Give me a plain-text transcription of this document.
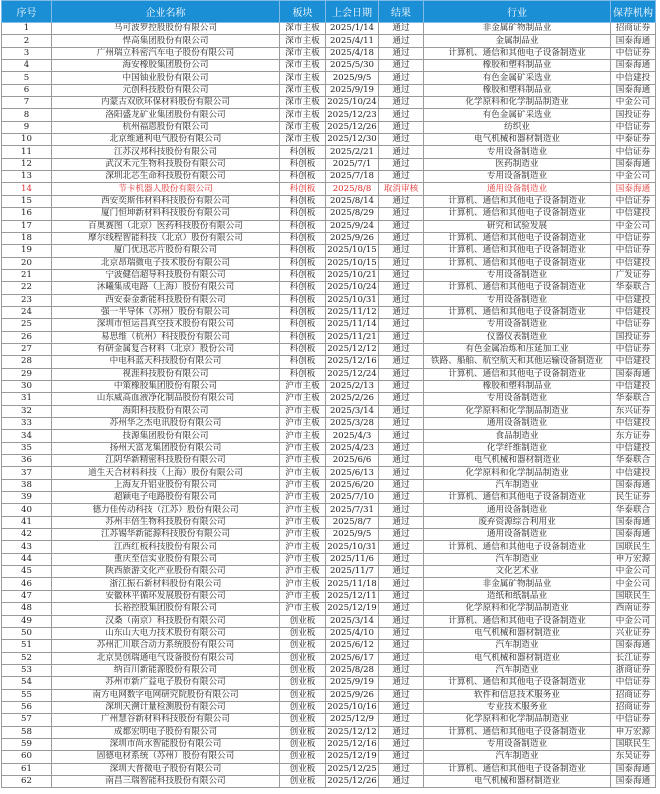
序号	企业名称	板块	上会日期	结果	行业	保荐机构
1	马可波罗控股股份有限公司	深市主板	2025/1/14	通过	非金属矿物制品业	招商证券
2	悍高集团股份有限公司	深市主板	2025/4/11	通过	金属制品业	国泰海通
3	广州瑞立科密汽车电子股份有限公司	深市主板	2025/4/18	通过	计算机、通信和其他电子设备制造业	中信证券
4	海安橡胶集团股份公司	深市主板	2025/5/30	通过	橡胶和塑料制品业	国泰海通
5	中国铀业股份有限公司	深市主板	2025/9/5	通过	有色金属矿采选业	中信建投
6	元创科技股份有限公司	深市主板	2025/9/19	通过	橡胶和塑料制品业	国泰海通
7	内蒙古双欣环保材料股份有限公司	深市主板	2025/10/24	通过	化学原料和化学制品制造业	中金公司
8	洛阳盛龙矿业集团股份有限公司	深市主板	2025/12/23	通过	有色金属矿采选业	国投证券
9	杭州福恩股份有限公司	深市主板	2025/12/26	通过	纺织业	中信证券
10	北京维通利电气股份有限公司	深市主板	2025/12/30	通过	电气机械和器材制造业	中泰证券
11	江苏汉邦科技股份有限公司	科创板	2025/2/21	通过	专用设备制造业	中信证券
12	武汉禾元生物科技股份有限公司	科创板	2025/7/1	通过	医药制造业	国泰海通
13	深圳北芯生命科技股份有限公司	科创板	2025/7/18	通过	专用设备制造业	中金公司
14	节卡机器人股份有限公司	科创板	2025/8/8	取消审核	通用设备制造业	国泰海通
15	西安奕斯伟材料科技股份有限公司	科创板	2025/8/14	通过	计算机、通信和其他电子设备制造业	中信证券
16	厦门恒坤新材料科技股份有限公司	科创板	2025/8/29	通过	计算机、通信和其他电子设备制造业	中信建投
17	百奥赛图（北京）医药科技股份有限公司	科创板	2025/9/24	通过	研究和试验发展	中金公司
18	摩尔线程智能科技（北京）股份有限公司	科创板	2025/9/26	通过	计算机、通信和其他电子设备制造业	中信证券
19	厦门优迅芯片股份有限公司	科创板	2025/10/15	通过	计算机、通信和其他电子设备制造业	中信证券
20	北京昂瑞微电子技术股份有限公司	科创板	2025/10/15	通过	计算机、通信和其他电子设备制造业	中信建投
21	宁波健信超导科技股份有限公司	科创板	2025/10/21	通过	专用设备制造业	广发证券
22	沐曦集成电路（上海）股份有限公司	科创板	2025/10/24	通过	计算机、通信和其他电子设备制造业	华泰联合
23	西安泰金新能科技股份有限公司	科创板	2025/10/31	通过	专用设备制造业	中信建投
24	强一半导体（苏州）股份有限公司	科创板	2025/11/12	通过	计算机、通信和其他电子设备制造业	中信建投
25	深圳市恒运昌真空技术股份有限公司	科创板	2025/11/14	通过	专用设备制造业	中信证券
26	易思维（杭州）科技股份有限公司	科创板	2025/11/21	通过	仪器仪表制造业	国投证券
27	有研金属复合材料（北京）股份公司	科创板	2025/12/12	通过	有色金属冶炼和压延加工业	中信证券
28	中电科蓝天科技股份有限公司	科创板	2025/12/16	通过	铁路、船舶、航空航天和其他运输设备制造业	中信建投
29	视涯科技股份有限公司	科创板	2025/12/24	通过	计算机、通信和其他电子设备制造业	国泰海通
30	中策橡胶集团股份有限公司	沪市主板	2025/2/13	通过	橡胶和塑料制品业	中信建投
31	山东威高血液净化制品股份有限公司	沪市主板	2025/2/26	通过	专用设备制造业	华泰联合
32	海阳科技股份有限公司	沪市主板	2025/3/14	通过	化学原料和化学制品制造业	东兴证券
33	苏州华之杰电讯股份有限公司	沪市主板	2025/3/28	通过	通用设备制造业	中信建投
34	技源集团股份有限公司	沪市主板	2025/4/3	通过	食品制造业	东方证券
35	扬州天富龙集团股份有限公司	沪市主板	2025/4/23	通过	化学纤维制造业	中信建投
36	江阴华新精密科技股份有限公司	沪市主板	2025/6/6	通过	电气机械和器材制造业	华泰联合
37	道生天合材料科技（上海）股份有限公司	沪市主板	2025/6/13	通过	化学原料和化学制品制造业	中信建投
38	上海友升铝业股份有限公司	沪市主板	2025/6/20	通过	汽车制造业	国泰海通
39	超颖电子电路股份有限公司	沪市主板	2025/7/10	通过	计算机、通信和其他电子设备制造业	民生证券
40	德力佳传动科技（江苏）股份有限公司	沪市主板	2025/7/31	通过	通用设备制造业	华泰联合
41	苏州丰倍生物科技股份有限公司	沪市主板	2025/8/7	通过	废弃资源综合利用业	国泰海通
42	江苏锡华新能源科技股份有限公司	沪市主板	2025/9/5	通过	通用设备制造业	国泰海通
43	江西红板科技股份有限公司	沪市主板	2025/10/31	通过	计算机、通信和其他电子设备制造业	国联民生
44	重庆至信实业股份有限公司	沪市主板	2025/11/6	通过	汽车制造业	申万宏源
45	陕西旅游文化产业股份有限公司	沪市主板	2025/11/7	通过	文化艺术业	中金公司
46	浙江振石新材料股份有限公司	沪市主板	2025/11/18	通过	非金属矿物制品业	中金公司
47	安徽林平循环发展股份有限公司	沪市主板	2025/12/11	通过	造纸和纸制品业	国联民生
48	长裕控股集团股份有限公司	沪市主板	2025/12/19	通过	化学原料和化学制品制造业	西南证券
49	汉桑（南京）科技股份有限公司	创业板	2025/3/14	通过	计算机、通信和其他电子设备制造业	中金公司
50	山东山大电力技术股份有限公司	创业板	2025/4/10	通过	电气机械和器材制造业	兴业证券
51	苏州汇川联合动力系统股份有限公司	创业板	2025/6/12	通过	汽车制造业	国泰海通
52	北京昊创瑞通电气设备股份有限公司	创业板	2025/6/17	通过	电气机械和器材制造业	长江证券
53	纳百川新能源股份有限公司	创业板	2025/8/28	通过	汽车制造业	浙商证券
54	苏州市新广益电子股份有限公司	创业板	2025/9/19	通过	计算机、通信和其他电子设备制造业	中信证券
55	南方电网数字电网研究院股份有限公司	创业板	2025/9/26	通过	软件和信息技术服务业	招商证券
56	深圳天溯计量检测股份有限公司	创业板	2025/10/16	通过	专业技术服务业	招商证券
57	广州慧谷新材料科技股份有限公司	创业板	2025/12/9	通过	化学原料和化学制品制造业	中信证券
58	成都宏明电子股份有限公司	创业板	2025/12/12	通过	计算机、通信和其他电子设备制造业	申万宏源
59	深圳市尚水智能股份有限公司	创业板	2025/12/16	通过	专用设备制造业	国联民生
60	固德电材系统（苏州）股份有限公司	创业板	2025/12/19	通过	汽车制造业	东吴证券
61	深圳大普微电子股份有限公司	创业板	2025/12/25	通过	计算机、通信和其他电子设备制造业	国泰海通
62	南昌三瑞智能科技股份有限公司	创业板	2025/12/26	通过	电气机械和器材制造业	国泰海通
